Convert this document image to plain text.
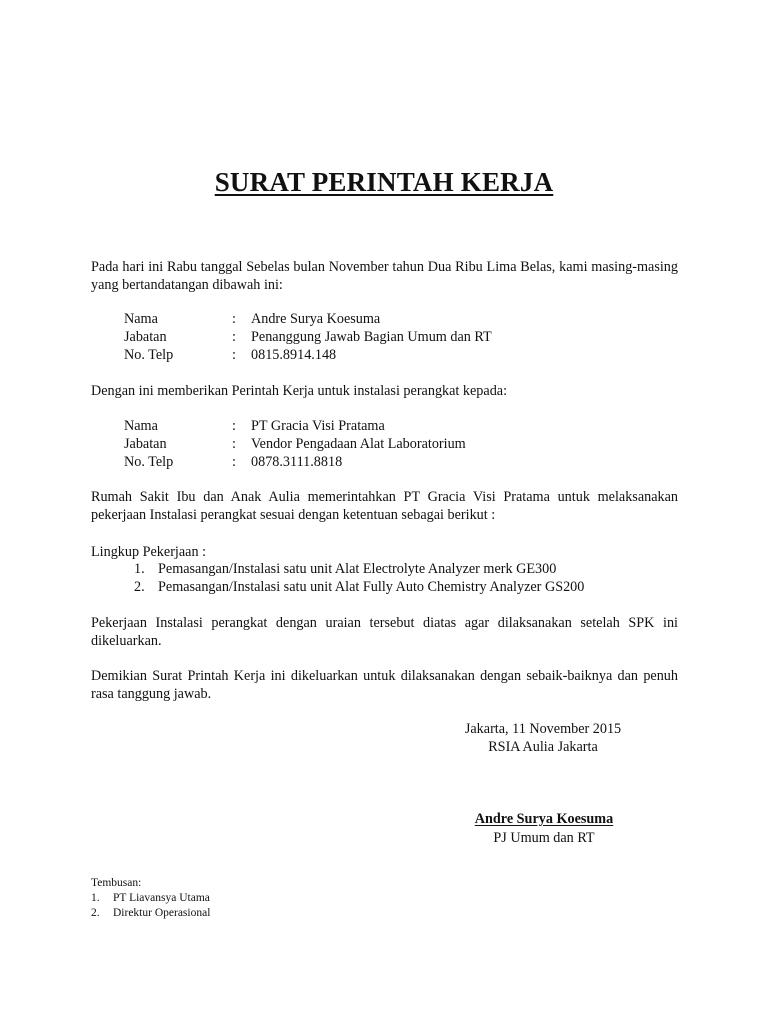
SURAT PERINTAH KERJA
Pada hari ini Rabu tanggal Sebelas bulan November tahun Dua Ribu Lima Belas, kami masing-masing yang bertandatangan dibawah ini:
Nama	:	Andre Surya Koesuma
Jabatan	:	Penanggung Jawab Bagian Umum dan RT
No. Telp	:	0815.8914.148
Dengan ini memberikan Perintah Kerja untuk instalasi perangkat kepada:
Nama	:	PT Gracia Visi Pratama
Jabatan	:	Vendor Pengadaan Alat Laboratorium
No. Telp	:	0878.3111.8818
Rumah Sakit Ibu dan Anak Aulia memerintahkan PT Gracia Visi Pratama untuk melaksanakan pekerjaan Instalasi perangkat sesuai dengan ketentuan sebagai berikut :
Lingkup Pekerjaan :
1. Pemasangan/Instalasi satu unit Alat Electrolyte Analyzer merk GE300
2. Pemasangan/Instalasi satu unit Alat Fully Auto Chemistry Analyzer GS200
Pekerjaan Instalasi perangkat dengan uraian tersebut diatas agar dilaksanakan setelah SPK ini dikeluarkan.
Demikian Surat Printah Kerja ini dikeluarkan untuk dilaksanakan dengan sebaik-baiknya dan penuh rasa tanggung jawab.
Jakarta, 11 November 2015
RSIA Aulia Jakarta
Andre Surya Koesuma
PJ Umum dan RT
Tembusan:
1.	PT Liavansya Utama
2.	Direktur Operasional
